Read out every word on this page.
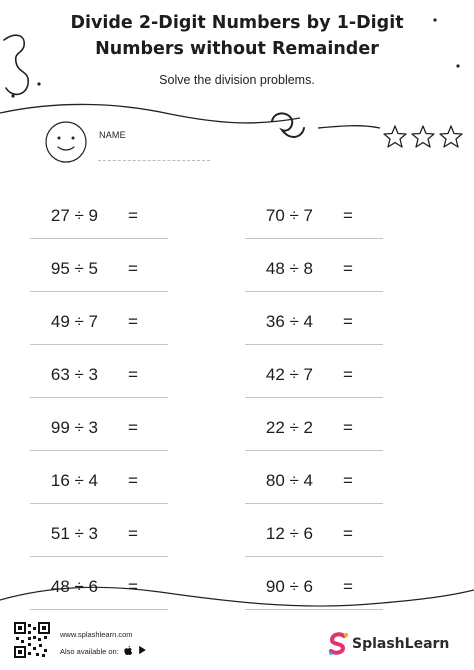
Divide 2-Digit Numbers by 1-Digit
Numbers without Remainder
Solve the division problems.
NAME
27 ÷ 9 =
95 ÷ 5 =
49 ÷ 7 =
63 ÷ 3 =
99 ÷ 3 =
16 ÷ 4 =
51 ÷ 3 =
48 ÷ 6 =
70 ÷ 7 =
48 ÷ 8 =
36 ÷ 4 =
42 ÷ 7 =
22 ÷ 2 =
80 ÷ 4 =
12 ÷ 6 =
90 ÷ 6 =
www.splashlearn.com
Also available on:	SplashLearn
